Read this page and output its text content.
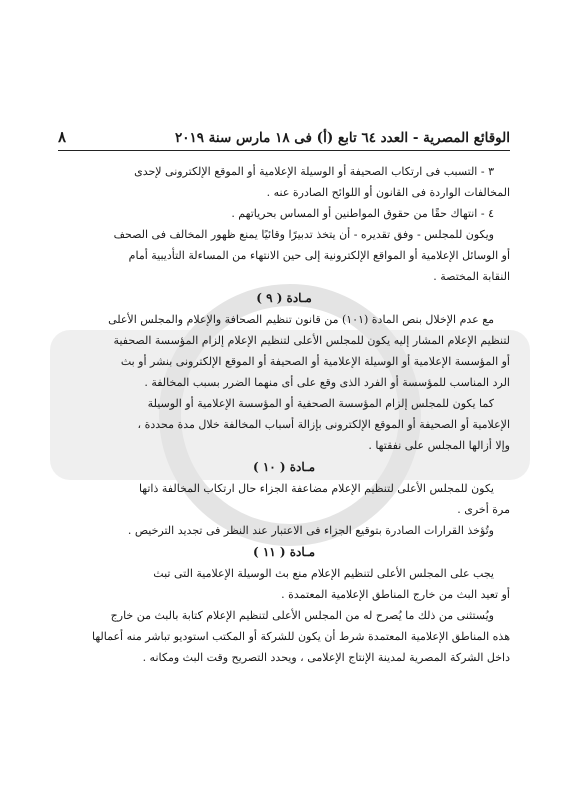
الوقائع المصرية - العدد ٦٤ تابع (أ) فى ١٨ مارس سنة ٢٠١٩
٨

٣ - التسبب فى ارتكاب الصحيفة أو الوسيلة الإعلامية أو الموقع الإلكترونى لإحدى

المخالفات الواردة فى القانون أو اللوائح الصادرة عنه .

٤ - انتهاك حقًا من حقوق المواطنين أو المساس بحرياتهم .

ويكون للمجلس - وفق تقديره - أن يتخذ تدبيرًا وقائيًا يمنع ظهور المخالف فى الصحف

أو الوسائل الإعلامية أو المواقع الإلكترونية إلى حين الانتهاء من المساءلة التأديبية أمام

النقابة المختصة .

مـادة ( ٩ )

مع عدم الإخلال بنص المادة (١٠١) من قانون تنظيم الصحافة والإعلام والمجلس الأعلى

لتنظيم الإعلام المشار إليه يكون للمجلس الأعلى لتنظيم الإعلام إلزام المؤسسة الصحفية

أو المؤسسة الإعلامية أو الوسيلة الإعلامية أو الصحيفة أو الموقع الإلكترونى بنشر أو بث

الرد المناسب للمؤسسة أو الفرد الذى وقع على أى منهما الضرر بسبب المخالفة .

كما يكون للمجلس إلزام المؤسسة الصحفية أو المؤسسة الإعلامية أو الوسيلة

الإعلامية أو الصحيفة أو الموقع الإلكترونى بإزالة أسباب المخالفة خلال مدة محددة ،

وإلا أزالها المجلس على نفقتها .

مـادة ( ١٠ )

يكون للمجلس الأعلى لتنظيم الإعلام مضاعفة الجزاء حال ارتكاب المخالفة ذاتها

مرة أخرى .

وتُؤخذ القرارات الصادرة بتوقيع الجزاء فى الاعتبار عند النظر فى تجديد الترخيص .

مـادة ( ١١ )

يجب على المجلس الأعلى لتنظيم الإعلام منع بث الوسيلة الإعلامية التى تبث

أو تعيد البث من خارج المناطق الإعلامية المعتمدة .

ويُستثنى من ذلك ما يُصرح له من المجلس الأعلى لتنظيم الإعلام كتابة بالبث من خارج

هذه المناطق الإعلامية المعتمدة شرط أن يكون للشركة أو المكتب استوديو تباشر منه أعمالها

داخل الشركة المصرية لمدينة الإنتاج الإعلامى ، ويحدد التصريح وقت البث ومكانه .
